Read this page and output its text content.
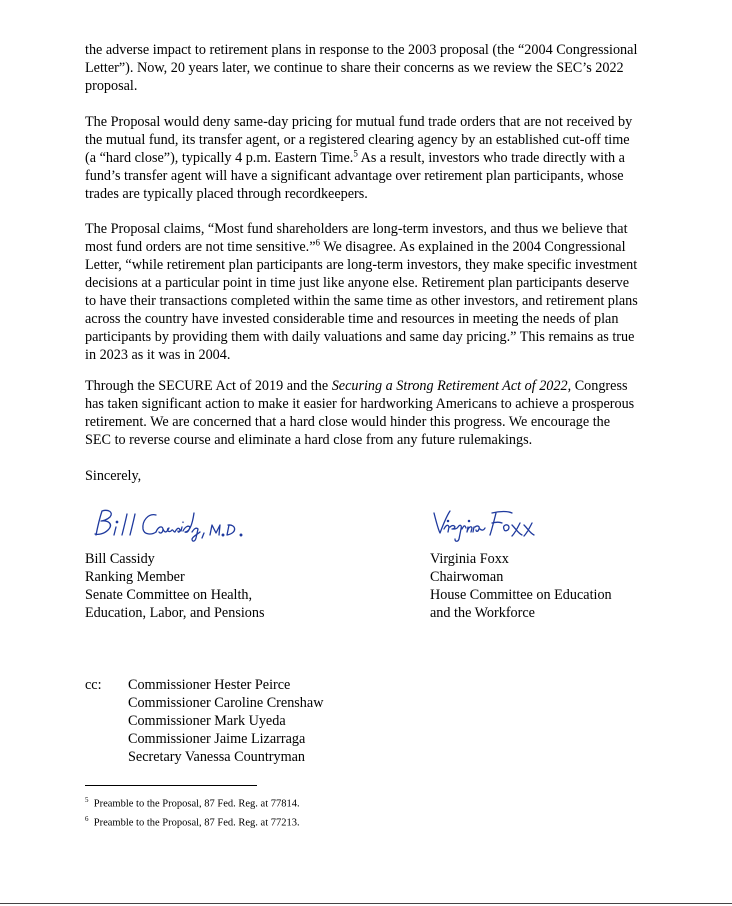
the adverse impact to retirement plans in response to the 2003 proposal (the “2004 Congressional

Letter”). Now, 20 years later, we continue to share their concerns as we review the SEC’s 2022

proposal.

The Proposal would deny same-day pricing for mutual fund trade orders that are not received by

the mutual fund, its transfer agent, or a registered clearing agency by an established cut-off time

(a “hard close”), typically 4 p.m. Eastern Time.$^5$ As a result, investors who trade directly with a

fund’s transfer agent will have a significant advantage over retirement plan participants, whose

trades are typically placed through recordkeepers.

The Proposal claims, “Most fund shareholders are long-term investors, and thus we believe that

most fund orders are not time sensitive.”$^6$ We disagree. As explained in the 2004 Congressional

Letter, “while retirement plan participants are long-term investors, they make specific investment

decisions at a particular point in time just like anyone else. Retirement plan participants deserve

to have their transactions completed within the same time as other investors, and retirement plans

across the country have invested considerable time and resources in meeting the needs of plan

participants by providing them with daily valuations and same day pricing.” This remains as true

in 2023 as it was in 2004.

Through the SECURE Act of 2019 and the Securing a Strong Retirement Act of 2022, Congress

has taken significant action to make it easier for hardworking Americans to achieve a prosperous

retirement. We are concerned that a hard close would hinder this progress. We encourage the

SEC to reverse course and eliminate a hard close from any future rulemakings.

Sincerely,
Bill Cassidy
Ranking Member
Senate Committee on Health,
Education, Labor, and Pensions
Virginia Foxx
Chairwoman
House Committee on Education
and the Workforce
cc: Commissioner Hester Peirce
Commissioner Caroline Crenshaw
Commissioner Mark Uyeda
Commissioner Jaime Lizarraga
Secretary Vanessa Countryman
$^5$ Preamble to the Proposal, 87 Fed. Reg. at 77814.
$^6$ Preamble to the Proposal, 87 Fed. Reg. at 77213.
